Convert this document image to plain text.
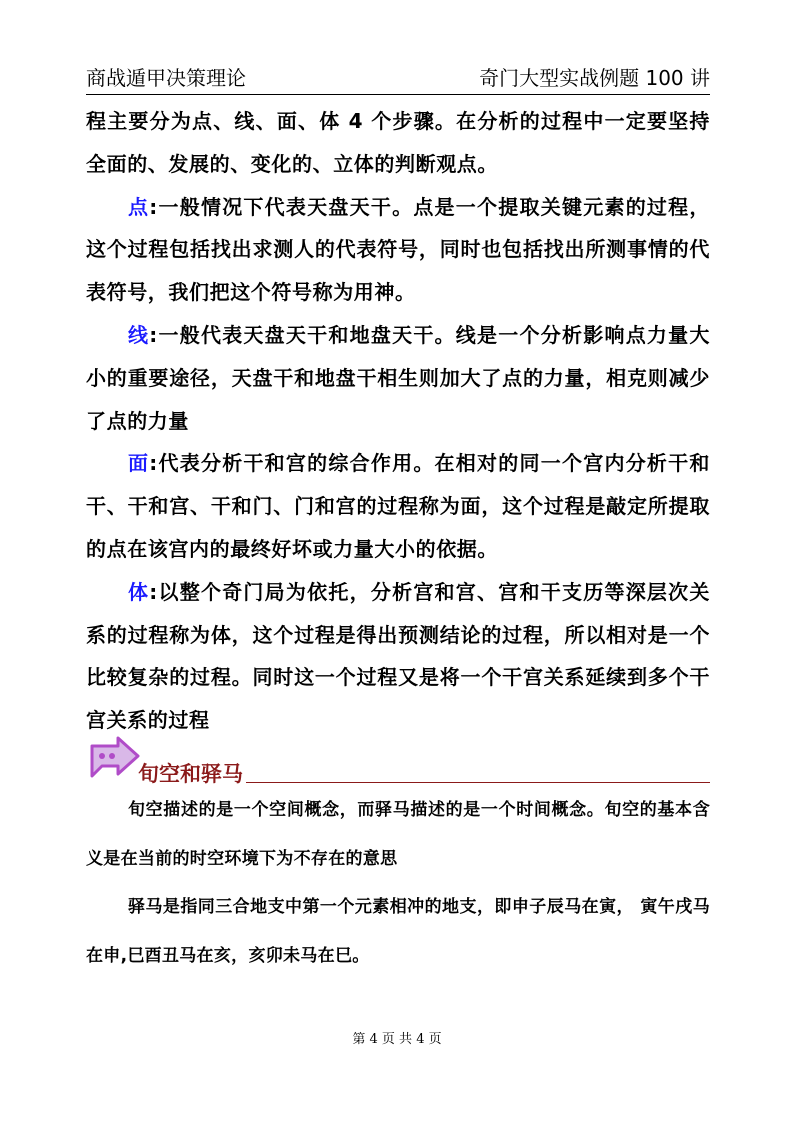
商战遁甲决策理论	奇门大型实战例题 100 讲

程主要分为点、线、面、体 4 个步骤。在分析的过程中一定要坚持全面的、发展的、变化的、立体的判断观点。

点:一般情况下代表天盘天干。点是一个提取关键元素的过程，这个过程包括找出求测人的代表符号，同时也包括找出所测事情的代表符号，我们把这个符号称为用神。

线:一般代表天盘天干和地盘天干。线是一个分析影响点力量大小的重要途径，天盘干和地盘干相生则加大了点的力量，相克则减少了点的力量

面:代表分析干和宫的综合作用。在相对的同一个宫内分析干和干、干和宫、干和门、门和宫的过程称为面，这个过程是敲定所提取的点在该宫内的最终好坏或力量大小的依据。

体:以整个奇门局为依托，分析宫和宫、宫和干支历等深层次关系的过程称为体，这个过程是得出预测结论的过程，所以相对是一个比较复杂的过程。同时这一个过程又是将一个干宫关系延续到多个干宫关系的过程

旬空和驿马

旬空描述的是一个空间概念，而驿马描述的是一个时间概念。旬空的基本含义是在当前的时空环境下为不存在的意思

驿马是指同三合地支中第一个元素相冲的地支，即申子辰马在寅， 寅午戌马在申,巳酉丑马在亥，亥卯未马在巳。

第 4 页 共 4 页
